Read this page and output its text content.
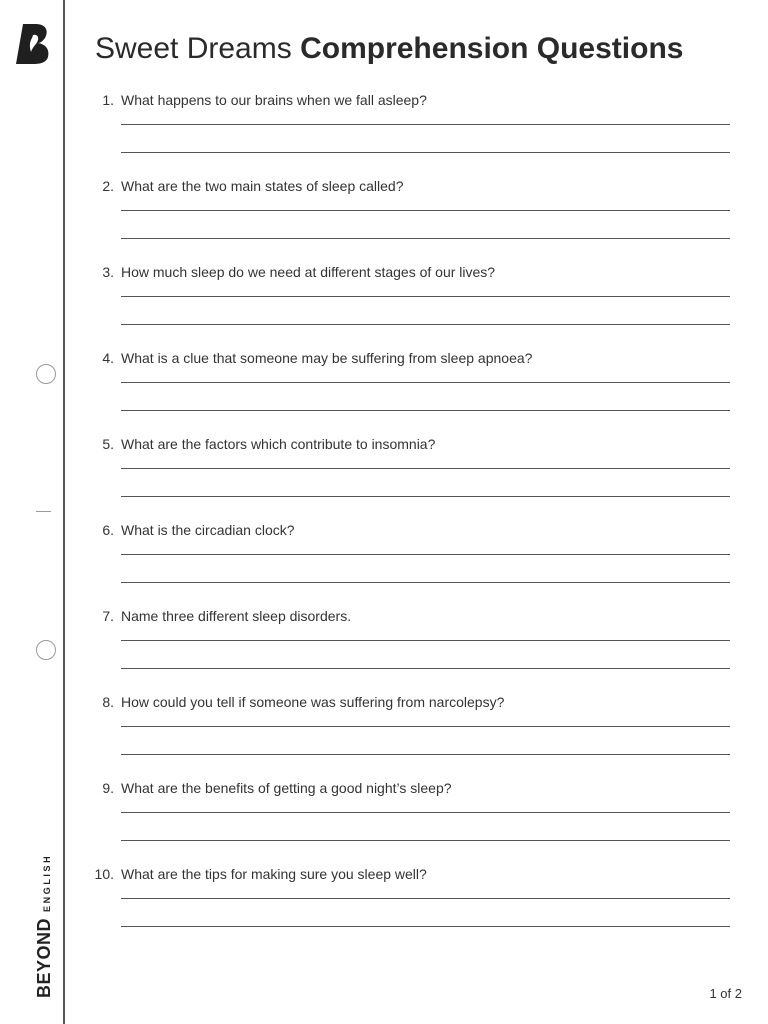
BEYONDENGLISH
Sweet Dreams Comprehension Questions
1. What happens to our brains when we fall asleep?
2. What are the two main states of sleep called?
3. How much sleep do we need at different stages of our lives?
4. What is a clue that someone may be suffering from sleep apnoea?
5. What are the factors which contribute to insomnia?
6. What is the circadian clock?
7. Name three different sleep disorders.
8. How could you tell if someone was suffering from narcolepsy?
9. What are the benefits of getting a good night’s sleep?
10. What are the tips for making sure you sleep well?
1 of 2
